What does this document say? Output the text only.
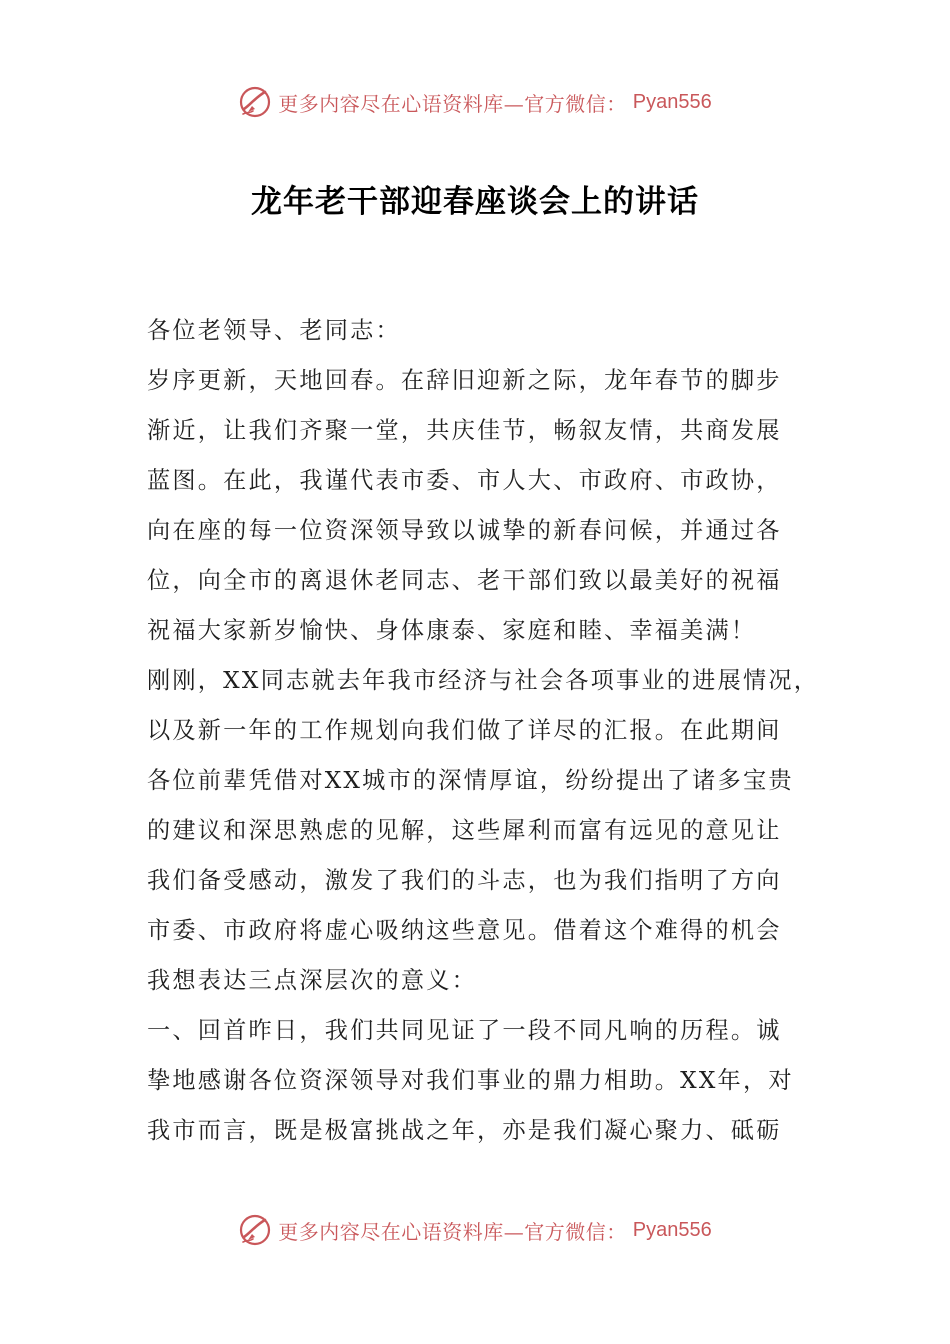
更多内容尽在心语资料库—官方微信： Pyan556
龙年老干部迎春座谈会上的讲话
各位老领导、老同志：
岁序更新，天地回春。在辞旧迎新之际，龙年春节的脚步
渐近，让我们齐聚一堂，共庆佳节，畅叙友情，共商发展
蓝图。在此，我谨代表市委、市人大、市政府、市政协，
向在座的每一位资深领导致以诚挚的新春问候，并通过各
位，向全市的离退休老同志、老干部们致以最美好的祝福
祝福大家新岁愉快、身体康泰、家庭和睦、幸福美满！
刚刚，XX同志就去年我市经济与社会各项事业的进展情况，
以及新一年的工作规划向我们做了详尽的汇报。在此期间
各位前辈凭借对XX城市的深情厚谊，纷纷提出了诸多宝贵
的建议和深思熟虑的见解，这些犀利而富有远见的意见让
我们备受感动，激发了我们的斗志，也为我们指明了方向
市委、市政府将虚心吸纳这些意见。借着这个难得的机会
我想表达三点深层次的意义：
一、回首昨日，我们共同见证了一段不同凡响的历程。诚
挚地感谢各位资深领导对我们事业的鼎力相助。XX年，对
我市而言，既是极富挑战之年，亦是我们凝心聚力、砥砺
更多内容尽在心语资料库—官方微信： Pyan556
